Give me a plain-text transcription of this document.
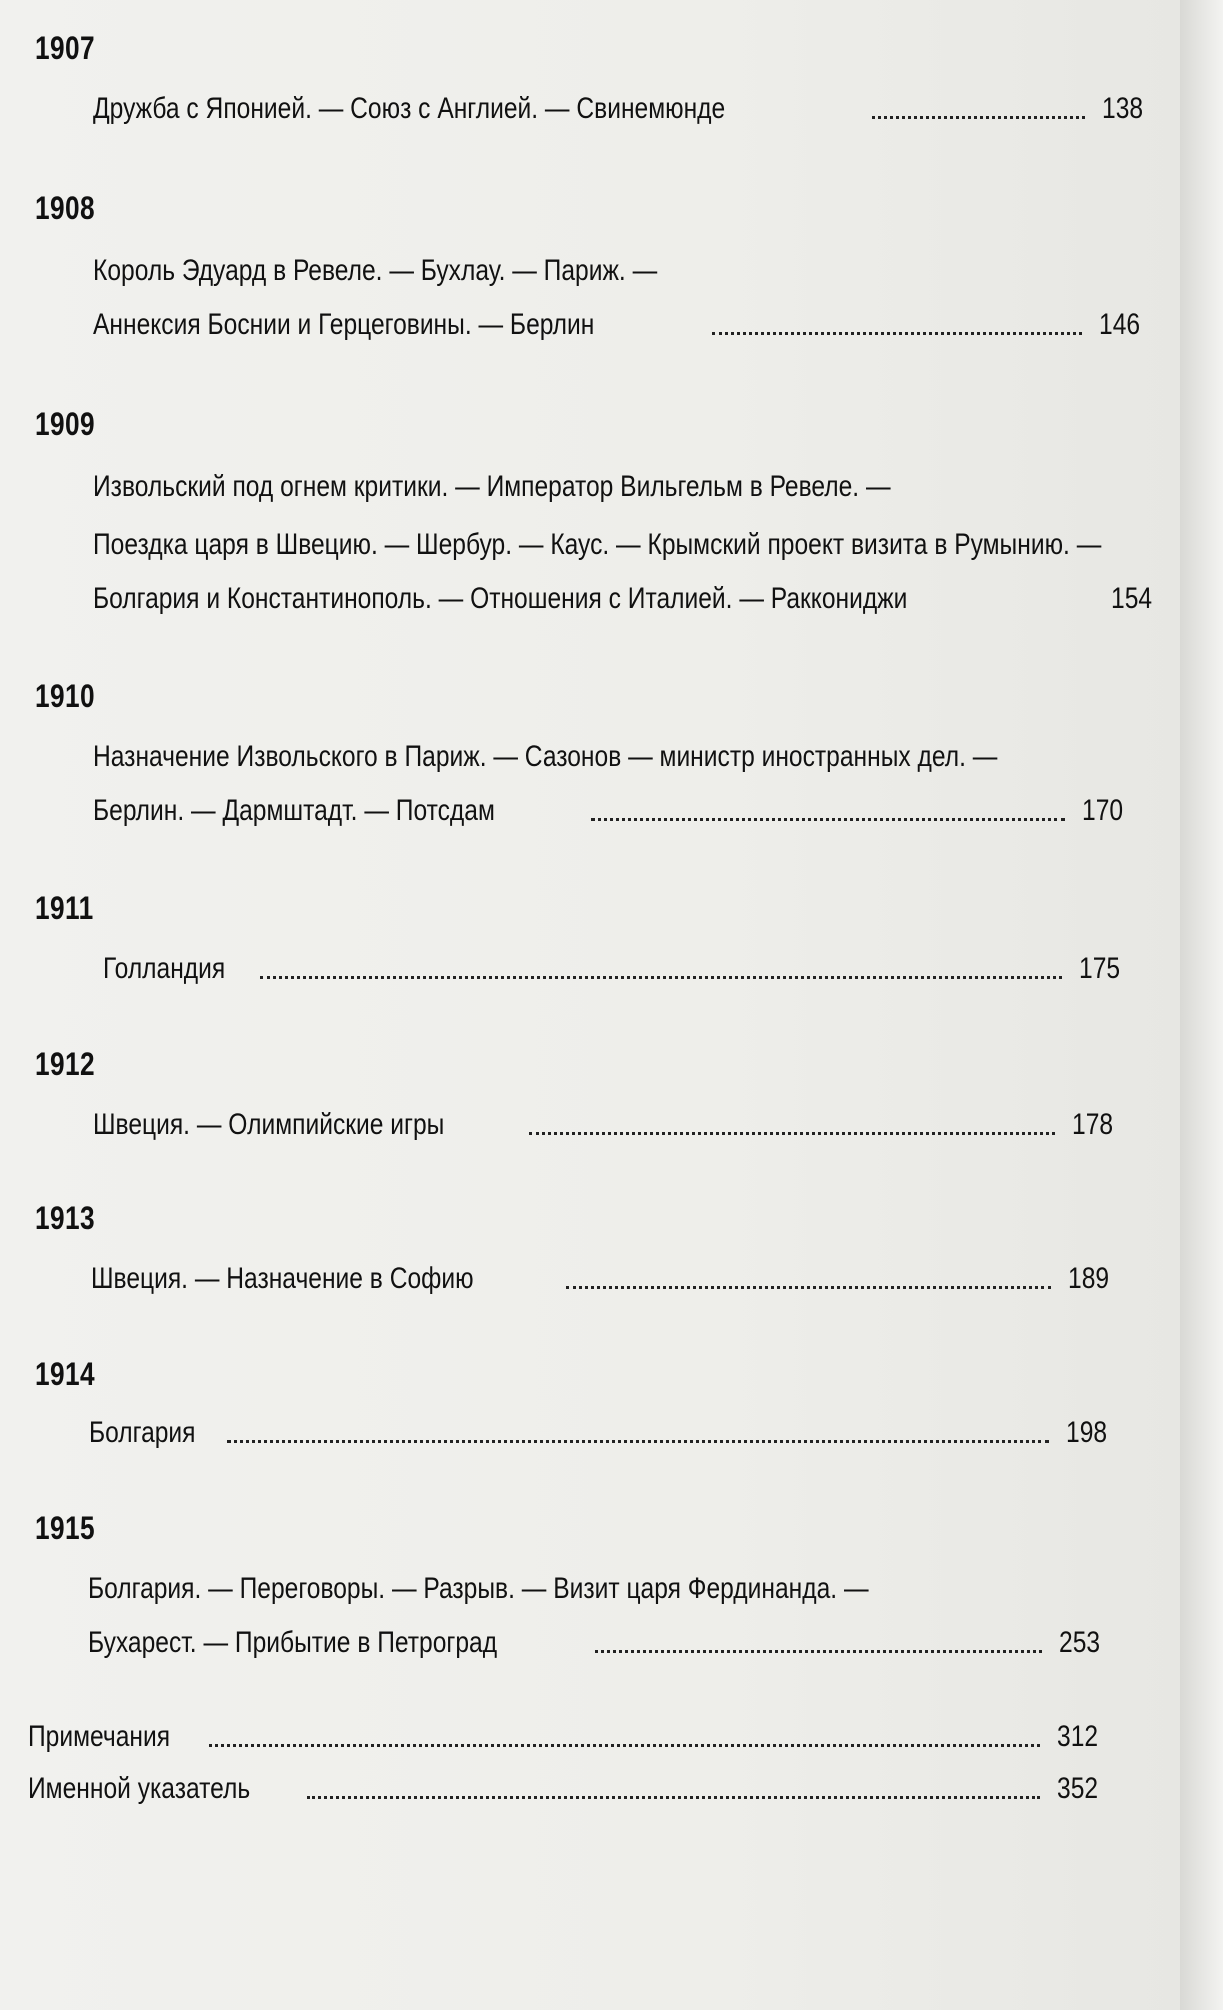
1907
Дружба с Японией. — Союз с Англией. — Свинемюнде	138
1908
Король Эдуард в Ревеле. — Бухлау. — Париж. —
Аннексия Боснии и Герцеговины. — Берлин	146
1909
Извольский под огнем критики. — Император Вильгельм в Ревеле. —
Поездка царя в Швецию. — Шербур. — Каус. — Крымский проект визита в Румынию. —
Болгария и Константинополь. — Отношения с Италией. — Раккониджи	154
1910
Назначение Извольского в Париж. — Сазонов — министр иностранных дел. —
Берлин. — Дармштадт. — Потсдам	170
1911
Голландия	175
1912
Швеция. — Олимпийские игры	178
1913
Швеция. — Назначение в Софию	189
1914
Болгария	198
1915
Болгария. — Переговоры. — Разрыв. — Визит царя Фердинанда. —
Бухарест. — Прибытие в Петроград	253
Примечания	312
Именной указатель	352
